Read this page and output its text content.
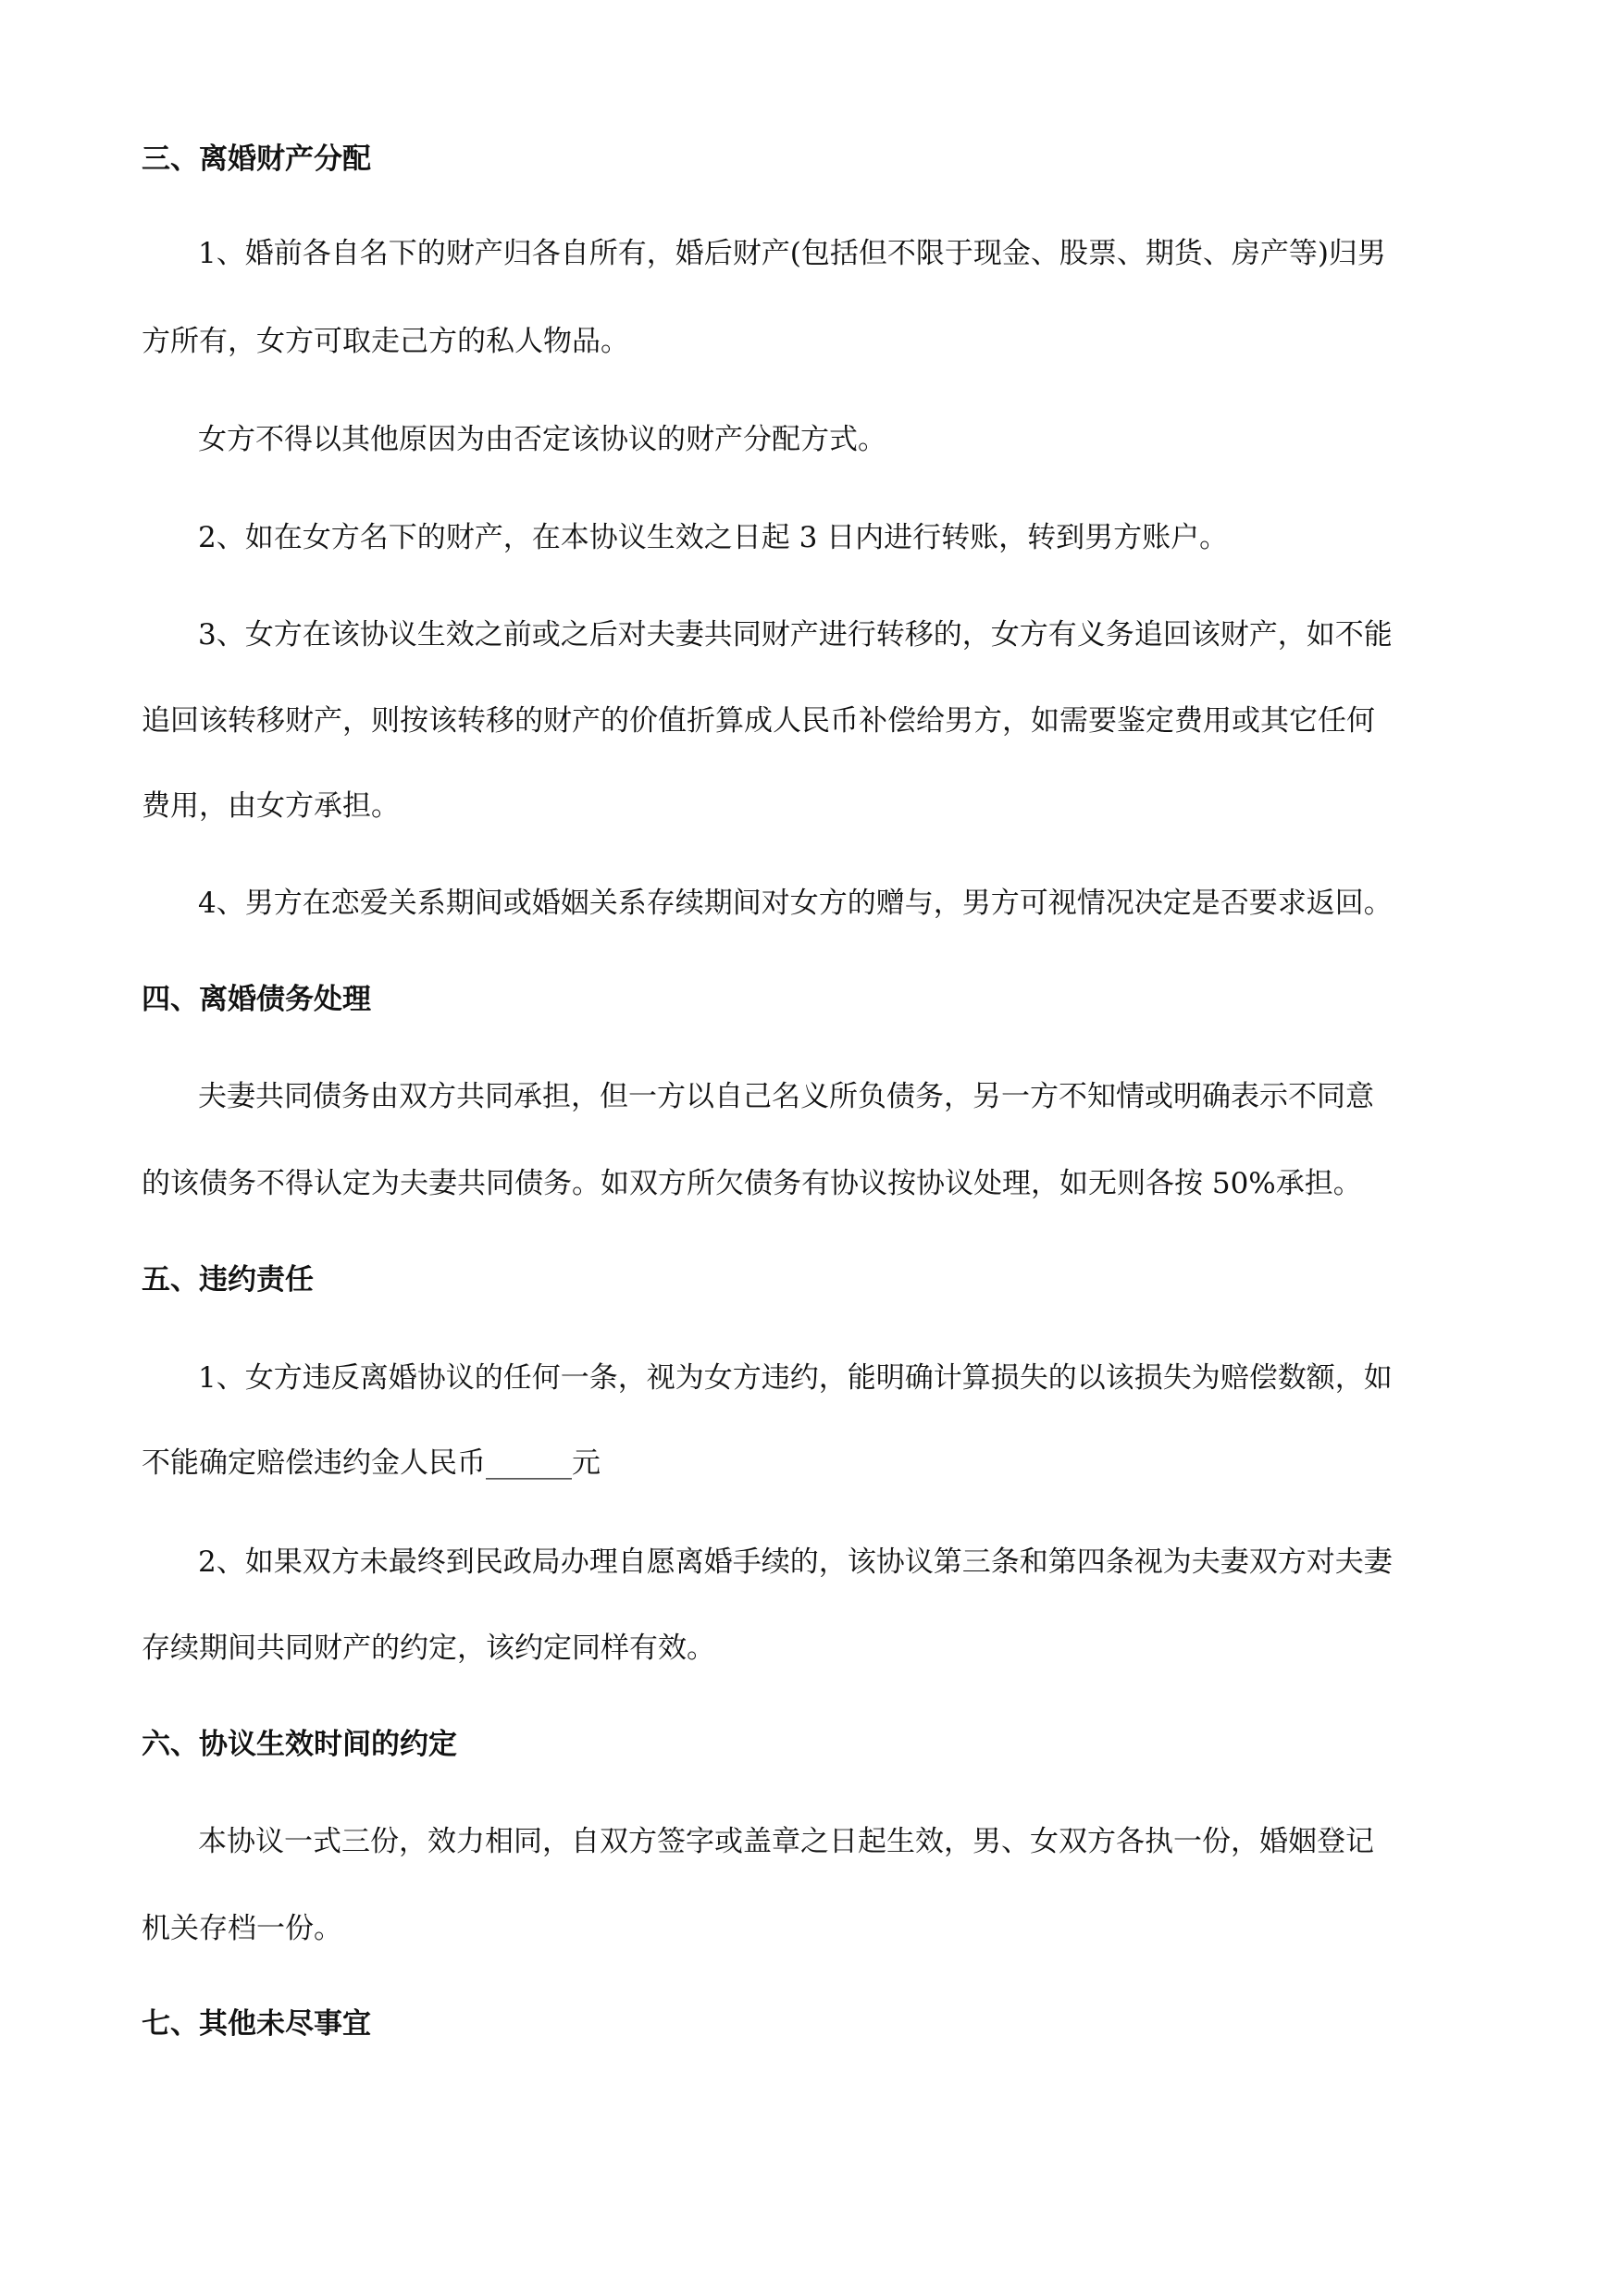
三、离婚财产分配

1、婚前各自名下的财产归各自所有，婚后财产(包括但不限于现金、股票、期货、房产等)归男

方所有，女方可取走己方的私人物品。

女方不得以其他原因为由否定该协议的财产分配方式。

2、如在女方名下的财产，在本协议生效之日起 3 日内进行转账，转到男方账户。

3、女方在该协议生效之前或之后对夫妻共同财产进行转移的，女方有义务追回该财产，如不能

追回该转移财产，则按该转移的财产的价值折算成人民币补偿给男方，如需要鉴定费用或其它任何

费用，由女方承担。

4、男方在恋爱关系期间或婚姻关系存续期间对女方的赠与，男方可视情况决定是否要求返回。

四、离婚债务处理

夫妻共同债务由双方共同承担，但一方以自己名义所负债务，另一方不知情或明确表示不同意

的该债务不得认定为夫妻共同债务。如双方所欠债务有协议按协议处理，如无则各按 50%承担。

五、违约责任

1、女方违反离婚协议的任何一条，视为女方违约，能明确计算损失的以该损失为赔偿数额，如

不能确定赔偿违约金人民币______元

2、如果双方未最终到民政局办理自愿离婚手续的，该协议第三条和第四条视为夫妻双方对夫妻

存续期间共同财产的约定，该约定同样有效。

六、协议生效时间的约定

本协议一式三份，效力相同，自双方签字或盖章之日起生效，男、女双方各执一份，婚姻登记

机关存档一份。

七、其他未尽事宜
